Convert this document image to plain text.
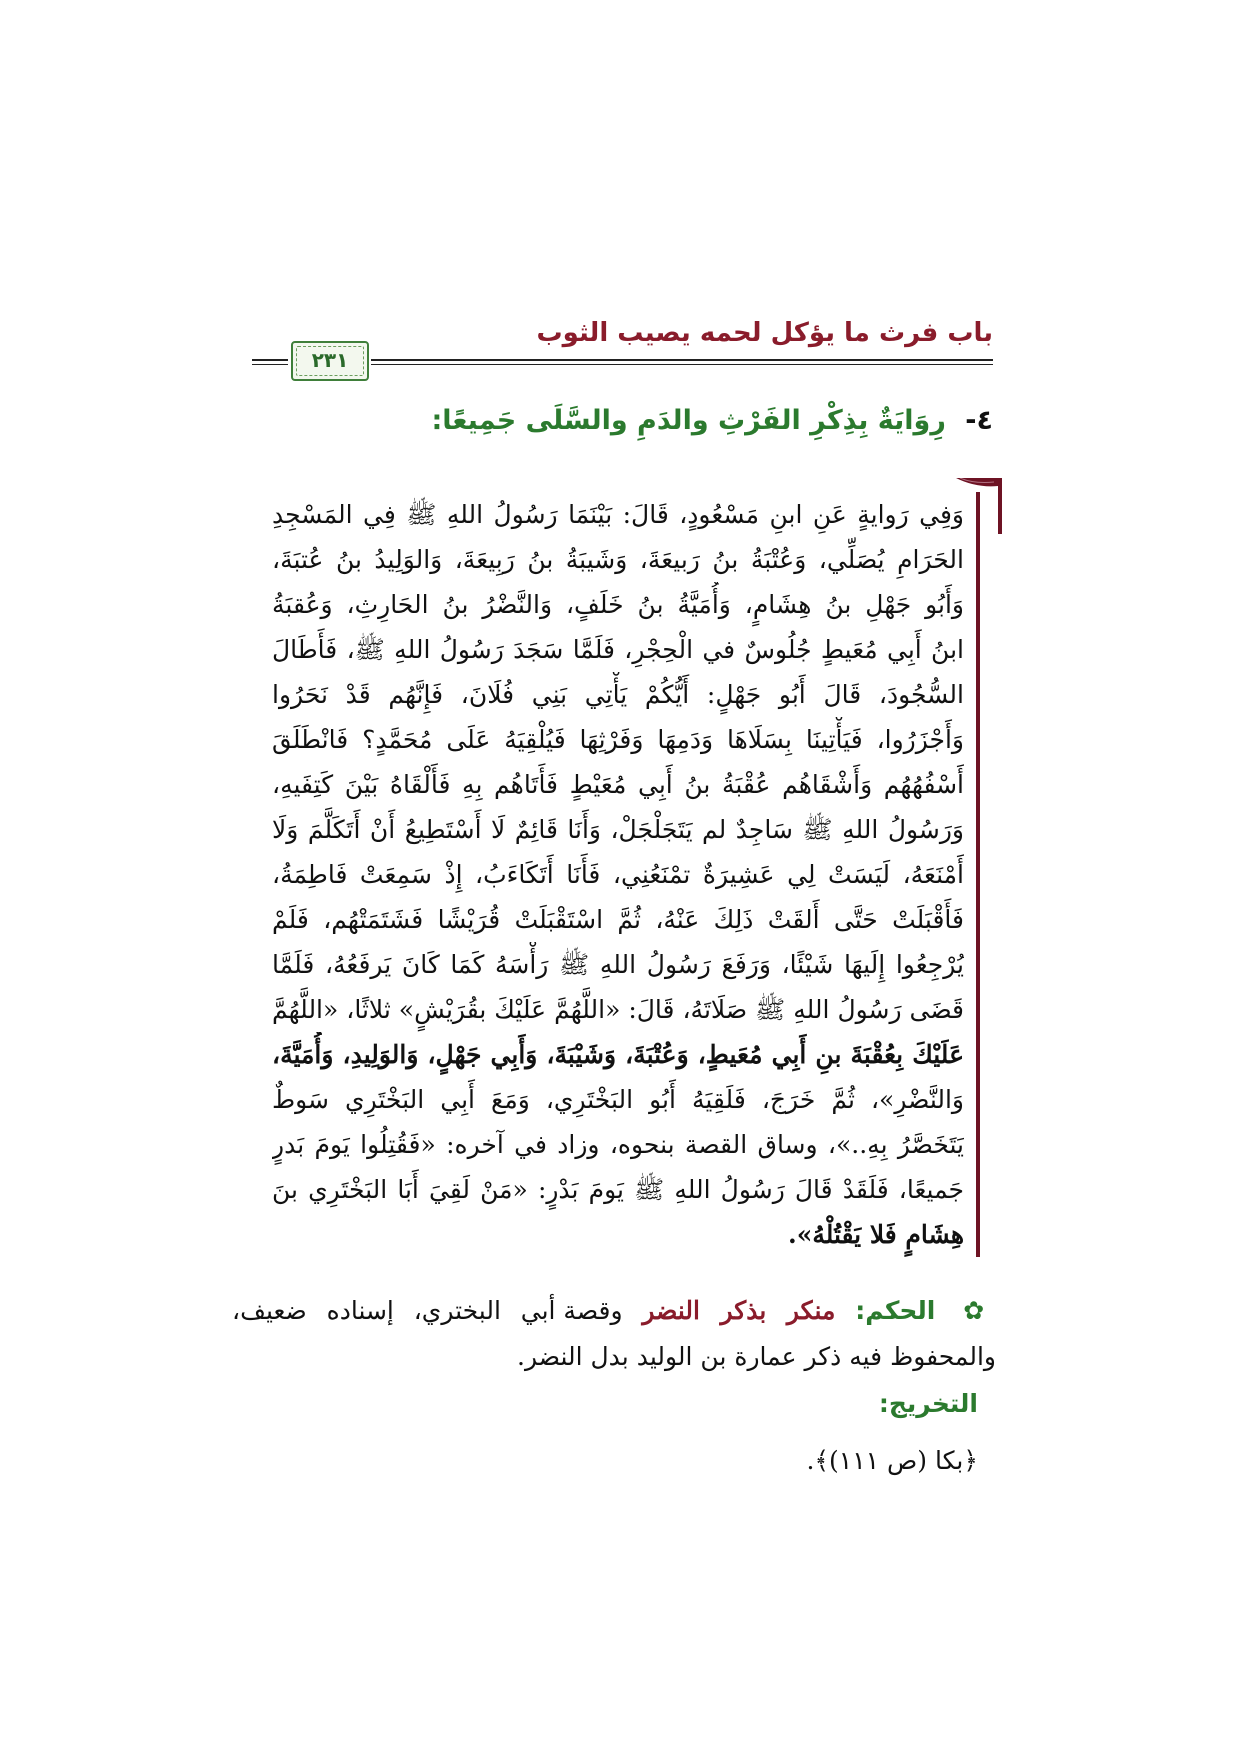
باب فرث ما يؤكل لحمه يصيب الثوب
٢٣١
٤- رِوَايَةٌ بِذِكْرِ الفَرْثِ والدَمِ والسَّلَى جَمِيعًا:
وَفِي رَوايةٍ عَنِ ابنِ مَسْعُودٍ، قَالَ: بَيْنَمَا رَسُولُ اللهِ ﷺ فِي المَسْجِدِ
الحَرَامِ يُصَلِّي، وَعُتْبَةُ بنُ رَبيعَةَ، وَشَيبَةُ بنُ رَبِيعَةَ، وَالوَلِيدُ بنُ عُتبَةَ،
وَأَبُو جَهْلِ بنُ هِشَامٍ، وَأُمَيَّةُ بنُ خَلَفٍ، وَالنَّضْرُ بنُ الحَارِثِ، وَعُقبَةُ
ابنُ أَبِي مُعَيطٍ جُلُوسٌ في الْحِجْرِ، فَلَمَّا سَجَدَ رَسُولُ اللهِ ﷺ، فَأَطَالَ
السُّجُودَ، قَالَ أَبُو جَهْلٍ: أَيُّكُمْ يَأْتِي بَنِي فُلَانَ، فَإِنَّهُم قَدْ نَحَرُوا
وَأَجْزَرُوا، فَيَأْتِينَا بِسَلَاهَا وَدَمِهَا وَفَرْثِهَا فَيُلْقِيَهُ عَلَى مُحَمَّدٍ؟ فَانْطَلَقَ
أَسْفُهُهُم وَأَشْقَاهُم عُقْبَةُ بنُ أَبِي مُعَيْطٍ فَأَتَاهُم بِهِ فَأَلْقَاهُ بَيْنَ كَتِفَيهِ،
وَرَسُولُ اللهِ ﷺ سَاجِدٌ لم يَتَجَلْجَلْ، وَأَنَا قَائِمٌ لَا أَسْتَطِيعُ أَنْ أَتَكَلَّمَ وَلَا
أَمْنَعَهُ، لَيَسَتْ لِي عَشِيرَةٌ تمْنَعُنِي، فَأَنَا أَتَكَاءَبُ، إِذْ سَمِعَتْ فَاطِمَةُ،
فَأَقْبَلَتْ حَتَّى أَلقَتْ ذَلِكَ عَنْهُ، ثُمَّ اسْتَقْبَلَتْ قُرَيْشًا فَشَتَمَتْهُم، فَلَمْ
يُرْجِعُوا إِلَيهَا شَيْئًا، وَرَفَعَ رَسُولُ اللهِ ﷺ رَأْسَهُ كَمَا كَانَ يَرفَعُهُ، فَلَمَّا
قَضَى رَسُولُ اللهِ ﷺ صَلَاتَهُ، قَالَ: «اللَّهُمَّ عَلَيْكَ بقُرَيْشٍ» ثلاثًا، «اللَّهُمَّ
عَلَيْكَ بِعُقْبَةَ بنِ أَبِي مُعَيطٍ، وَعُتْبَةَ، وَشَيْبَةَ، وَأَبِي جَهْلٍ، وَالوَلِيدِ، وَأُمَيَّةَ،
وَالنَّضْرِ»، ثُمَّ خَرَجَ، فَلَقِيَهُ أَبُو البَخْتَرِي، وَمَعَ أَبِي البَخْتَرِي سَوطٌ
يَتَخَصَّرُ بِهِ..»، وساق القصة بنحوه، وزاد في آخره: «فَقُتِلُوا يَومَ بَدرٍ
جَميعًا، فَلَقَدْ قَالَ رَسُولُ اللهِ ﷺ يَومَ بَدْرٍ: «مَنْ لَقِيَ أَبَا البَخْتَرِي بنَ
هِشَامٍ فَلا يَقْتُلْهُ».
✿ الحكم: منكر بذكر النضر وقصة أبي البختري، إسناده ضعيف،
والمحفوظ فيه ذكر عمارة بن الوليد بدل النضر.
التخريج:
﴿بكا (ص ١١١)﴾.
